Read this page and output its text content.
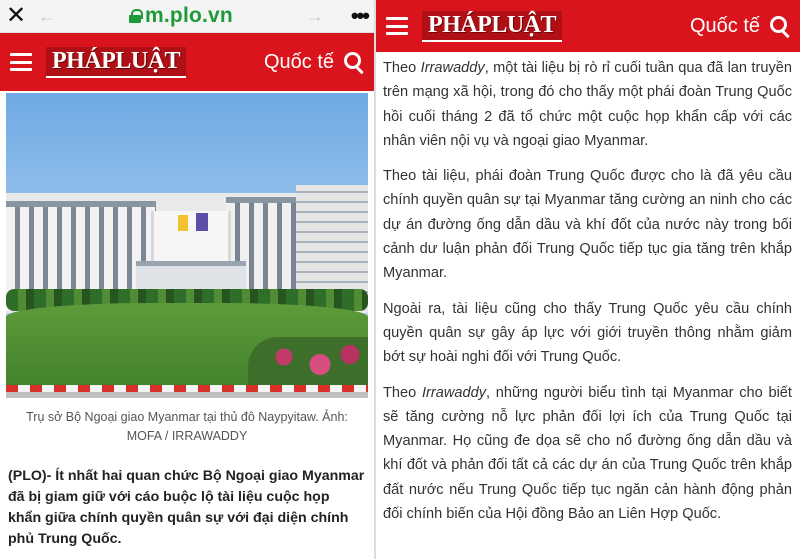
✕ ←	m.plo.vn	→	•••
PHÁPLUẬT	Quốc tế

Trụ sở Bộ Ngoại giao Myanmar tại thủ đô Naypyitaw. Ảnh: MOFA / IRRAWADDY

(PLO)- Ít nhất hai quan chức Bộ Ngoại giao Myanmar đã bị giam giữ với cáo buộc lộ tài liệu cuộc họp khẩn giữa chính quyền quân sự với đại diện chính phủ Trung Quốc.

PHÁPLUẬT	Quốc tế

Theo Irrawaddy, một tài liệu bị rò rỉ cuối tuần qua đã lan truyền trên mạng xã hội, trong đó cho thấy một phái đoàn Trung Quốc hồi cuối tháng 2 đã tổ chức một cuộc họp khẩn cấp với các nhân viên nội vụ và ngoại giao Myanmar.

Theo tài liệu, phái đoàn Trung Quốc được cho là đã yêu cầu chính quyền quân sự tại Myanmar tăng cường an ninh cho các dự án đường ống dẫn dầu và khí đốt của nước này trong bối cảnh dư luận phản đối Trung Quốc tiếp tục gia tăng trên khắp Myanmar.

Ngoài ra, tài liệu cũng cho thấy Trung Quốc yêu cầu chính quyền quân sự gây áp lực với giới truyền thông nhằm giảm bớt sự hoài nghi đối với Trung Quốc.

Theo Irrawaddy, những người biểu tình tại Myanmar cho biết sẽ tăng cường nỗ lực phản đối lợi ích của Trung Quốc tại Myanmar. Họ cũng đe dọa sẽ cho nổ đường ống dẫn dầu và khí đốt và phản đối tất cả các dự án của Trung Quốc trên khắp đất nước nếu Trung Quốc tiếp tục ngăn cản hành động phản đối chính biến của Hội đồng Bảo an Liên Hợp Quốc.
